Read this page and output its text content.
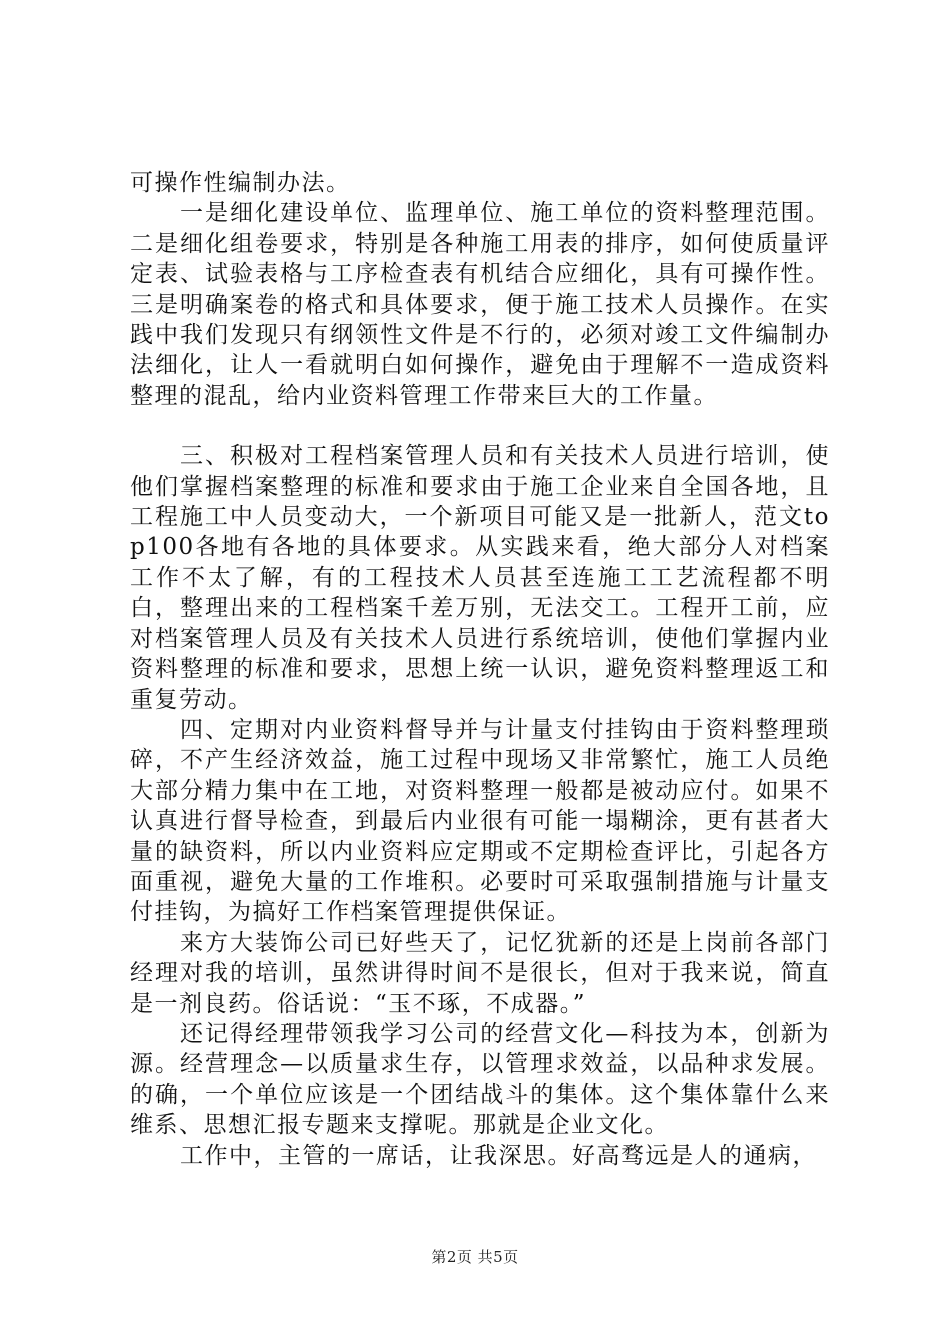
可操作性编制办法。

一是细化建设单位、监理单位、施工单位的资料整理范围。二是细化组卷要求，特别是各种施工用表的排序，如何使质量评定表、试验表格与工序检查表有机结合应细化，具有可操作性。三是明确案卷的格式和具体要求，便于施工技术人员操作。在实践中我们发现只有纲领性文件是不行的，必须对竣工文件编制办法细化，让人一看就明白如何操作，避免由于理解不一造成资料整理的混乱，给内业资料管理工作带来巨大的工作量。

三、积极对工程档案管理人员和有关技术人员进行培训，使他们掌握档案整理的标准和要求由于施工企业来自全国各地，且工程施工中人员变动大，一个新项目可能又是一批新人，范文top100各地有各地的具体要求。从实践来看，绝大部分人对档案工作不太了解，有的工程技术人员甚至连施工工艺流程都不明白，整理出来的工程档案千差万别，无法交工。工程开工前，应对档案管理人员及有关技术人员进行系统培训，使他们掌握内业资料整理的标准和要求，思想上统一认识，避免资料整理返工和重复劳动。

四、定期对内业资料督导并与计量支付挂钩由于资料整理琐碎，不产生经济效益，施工过程中现场又非常繁忙，施工人员绝大部分精力集中在工地，对资料整理一般都是被动应付。如果不认真进行督导检查，到最后内业很有可能一塌糊涂，更有甚者大量的缺资料，所以内业资料应定期或不定期检查评比，引起各方面重视，避免大量的工作堆积。必要时可采取强制措施与计量支付挂钩，为搞好工作档案管理提供保证。

来方大装饰公司已好些天了，记忆犹新的还是上岗前各部门经理对我的培训，虽然讲得时间不是很长，但对于我来说，简直是一剂良药。俗话说：“玉不琢，不成器。”

还记得经理带领我学习公司的经营文化—科技为本，创新为源。经营理念—以质量求生存，以管理求效益，以品种求发展。的确，一个单位应该是一个团结战斗的集体。这个集体靠什么来维系、思想汇报专题来支撑呢。那就是企业文化。

工作中，主管的一席话，让我深思。好高骛远是人的通病，

第2页 共5页
